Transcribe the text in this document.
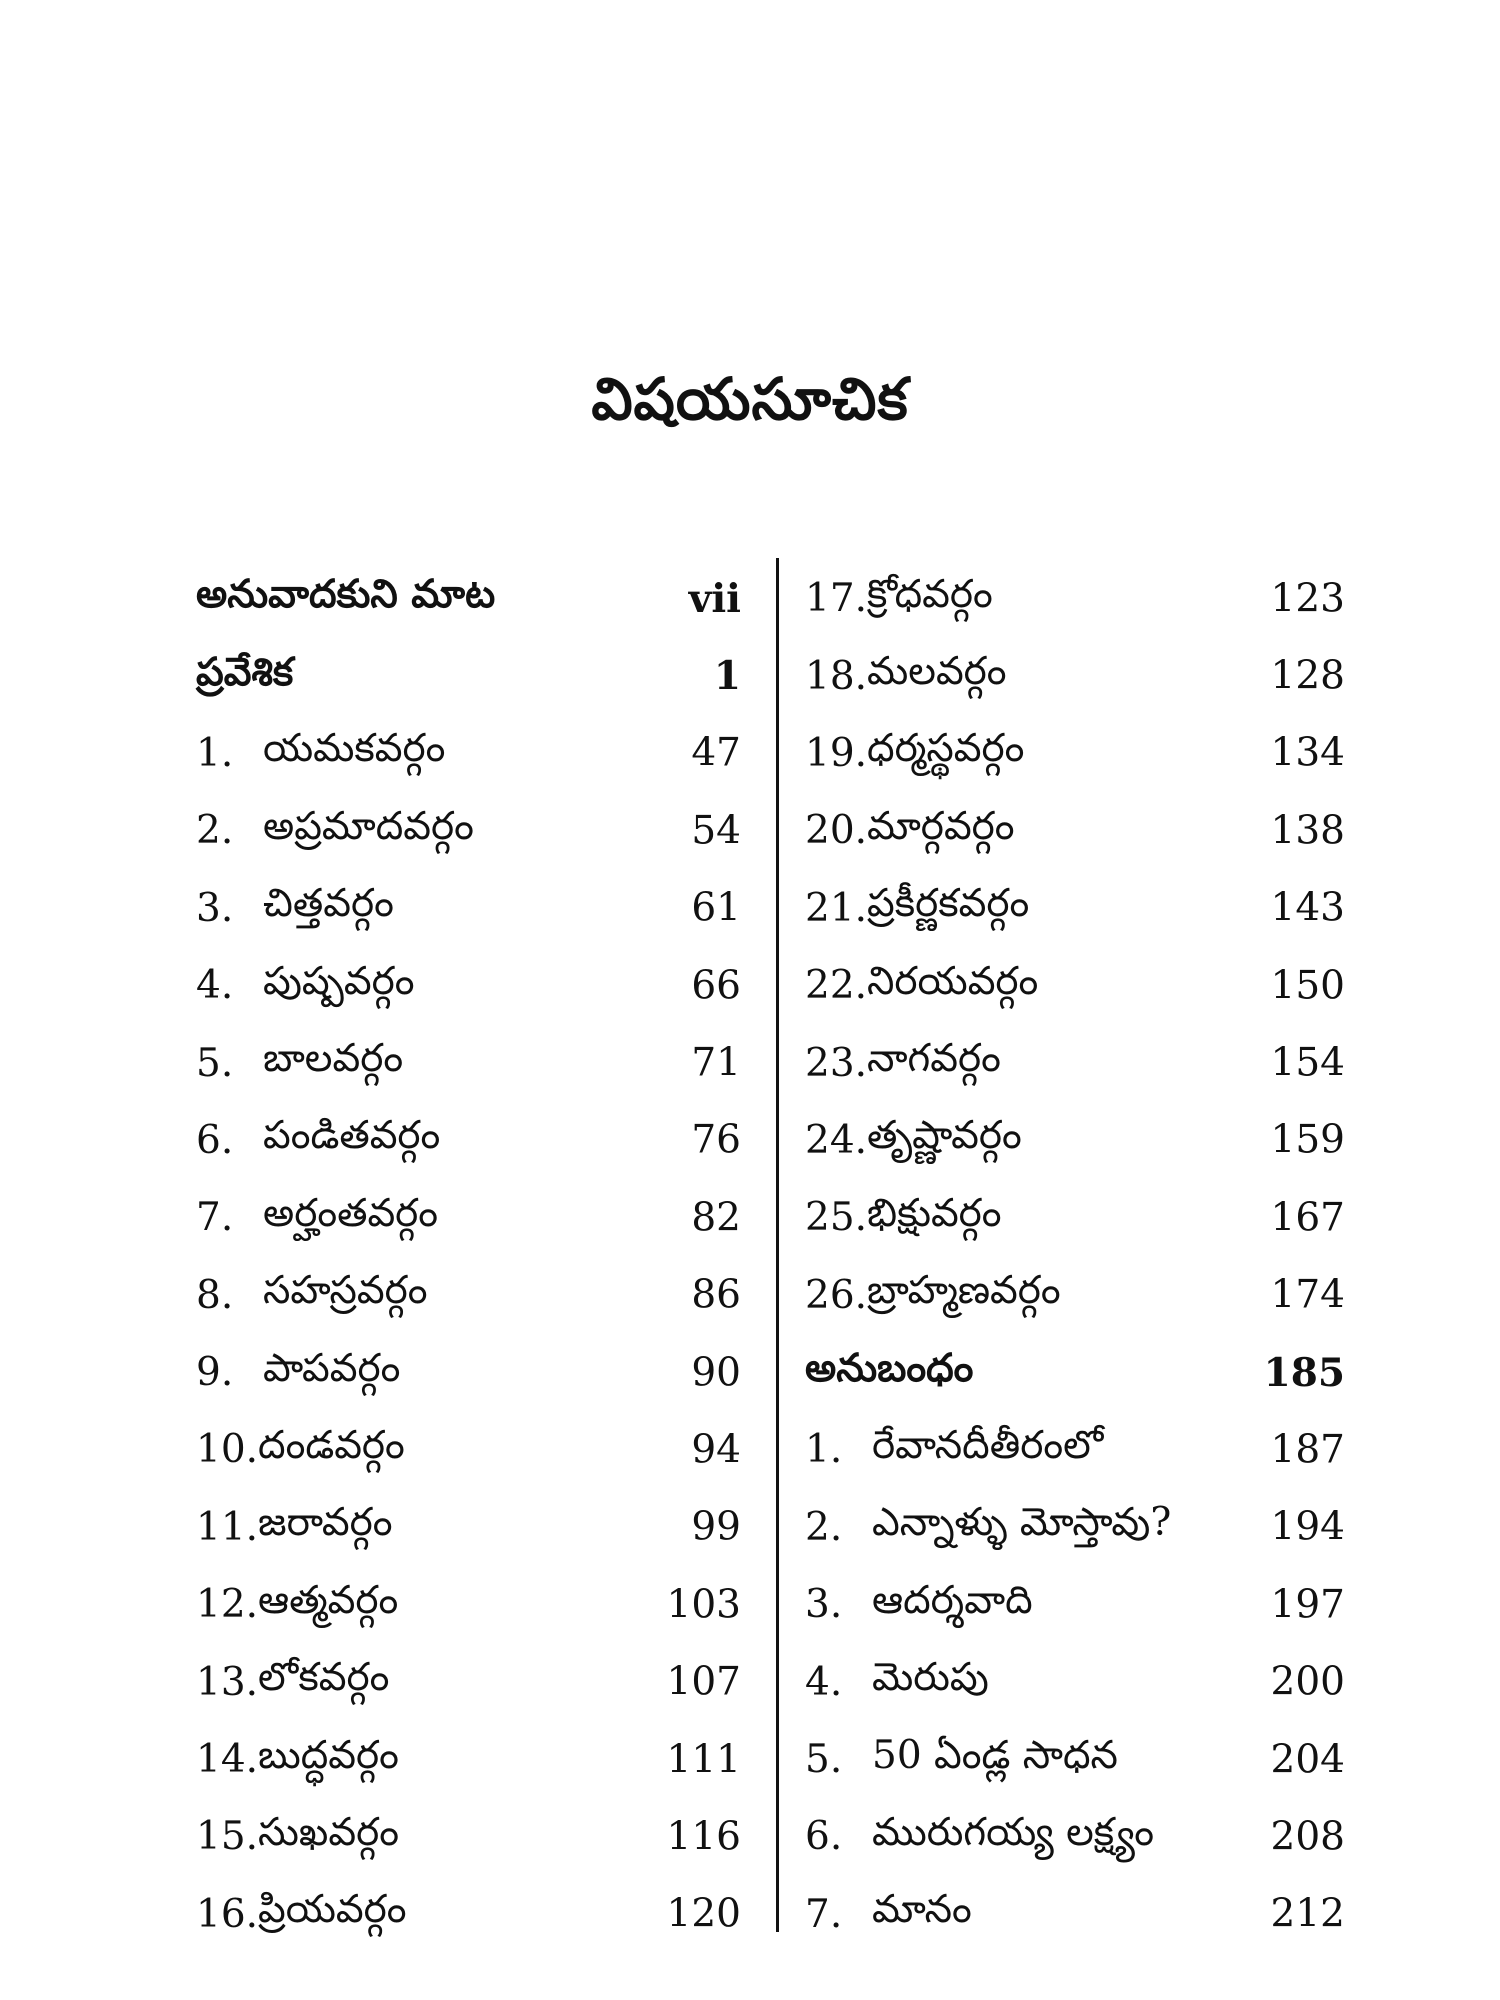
విషయసూచిక
అనువాదకుని మాట	vii
ప్రవేశిక	1
1. యమకవర్గం	47
2. అప్రమాదవర్గం	54
3. చిత్తవర్గం	61
4. పుష్పవర్గం	66
5. బాలవర్గం	71
6. పండితవర్గం	76
7. అర్హంతవర్గం	82
8. సహస్రవర్గం	86
9. పాపవర్గం	90
10. దండవర్గం	94
11. జరావర్గం	99
12. ఆత్మవర్గం	103
13. లోకవర్గం	107
14. బుద్ధవర్గం	111
15. సుఖవర్గం	116
16. ప్రియవర్గం	120
17. క్రోధవర్గం	123
18. మలవర్గం	128
19. ధర్మస్థవర్గం	134
20. మార్గవర్గం	138
21. ప్రకీర్ణకవర్గం	143
22. నిరయవర్గం	150
23. నాగవర్గం	154
24. తృష్ణావర్గం	159
25. భిక్షువర్గం	167
26. బ్రాహ్మణవర్గం	174
అనుబంధం	185
1. రేవానదీతీరంలో	187
2. ఎన్నాళ్ళు మోస్తావు?	194
3. ఆదర్శవాది	197
4. మెరుపు	200
5. 50 ఏండ్ల సాధన	204
6. మురుగయ్య లక్ష్యం	208
7. మానం	212
